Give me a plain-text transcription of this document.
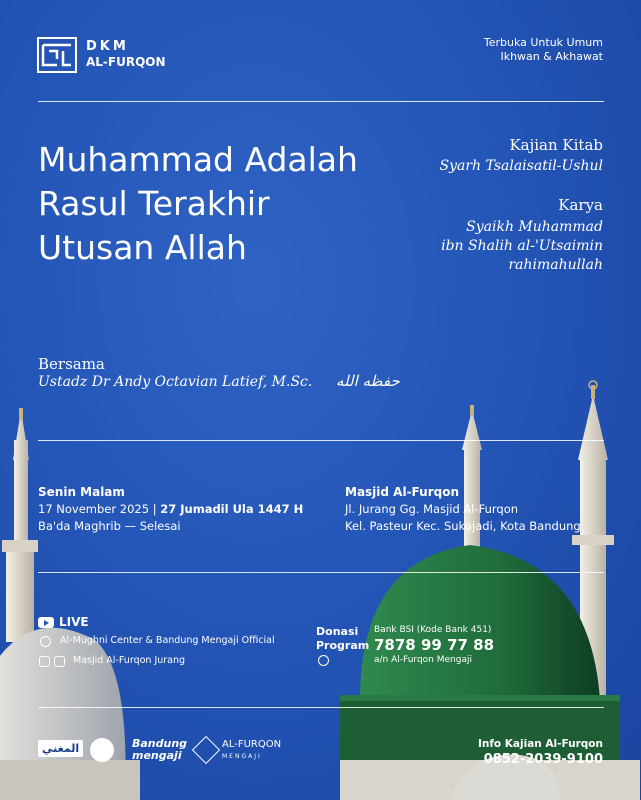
DKM
AL-FURQON
Terbuka Untuk Umum
Ikhwan & Akhawat
Muhammad Adalah
Rasul Terakhir
Utusan Allah
Kajian Kitab
Syarh Tsalaisatil-Ushul
Karya
Syaikh Muhammad
ibn Shalih al-'Utsaimin
rahimahullah
Bersama
Ustadz Dr Andy Octavian Latief, M.Sc. حفظه الله
Senin Malam
17 November 2025 | 27 Jumadil Ula 1447 H
Ba'da Maghrib — Selesai
Masjid Al-Furqon
Jl. Jurang Gg. Masjid Al-Furqon
Kel. Pasteur Kec. Sukajadi, Kota Bandung
LIVE
Al-Mughni Center & Bandung Mengaji Official
Masjid Al-Furqon Jurang
Donasi
Program
Bank BSI (Kode Bank 451)
7878 99 77 88
a/n Al-Furqon Mengaji
المغني	Bandung
mengaji
AL-FURQON
MENGAJI
Info Kajian Al-Furqon
0852-2039-9100
